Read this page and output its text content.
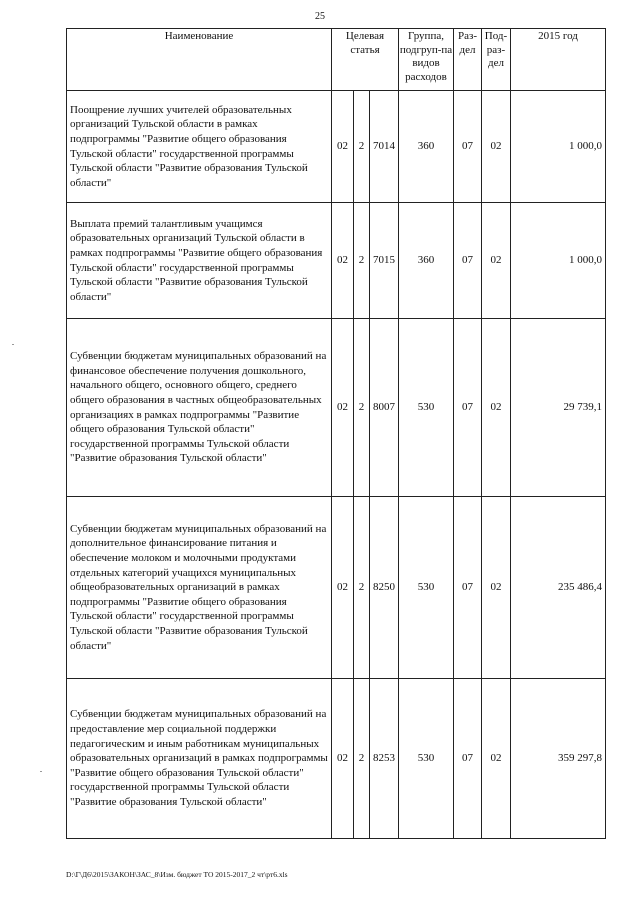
25
Наименование	Целевая статья			Группа, подгруп-па видов расходов	Раз-дел	Под-раз-дел	2015 год
Поощрение лучших учителей образовательных организаций Тульской области в рамках подпрограммы "Развитие общего образования Тульской области" государственной программы Тульской области "Развитие образования Тульской области"	02	2	7014	360	07	02	1 000,0
Выплата премий талантливым учащимся образовательных организаций Тульской области в рамках подпрограммы "Развитие общего образования Тульской области" государственной программы Тульской области "Развитие образования Тульской области"	02	2	7015	360	07	02	1 000,0
Субвенции бюджетам муниципальных образований на финансовое обеспечение получения дошкольного, начального общего, основного общего, среднего общего образования в частных общеобразовательных организациях в рамках подпрограммы "Развитие общего образования Тульской области" государственной программы Тульской области "Развитие образования Тульской области"	02	2	8007	530	07	02	29 739,1
Субвенции бюджетам муниципальных образований на дополнительное финансирование питания и обеспечение молоком и молочными продуктами отдельных категорий учащихся муниципальных общеобразовательных организаций в рамках подпрограммы "Развитие общего образования Тульской области" государственной программы Тульской области "Развитие образования Тульской области"	02	2	8250	530	07	02	235 486,4
Субвенции бюджетам муниципальных образований на предоставление мер социальной поддержки педагогическим и иным работникам муниципальных образовательных организаций в рамках подпрограммы "Развитие общего образования Тульской области" государственной программы Тульской области "Развитие образования Тульской области"	02	2	8253	530	07	02	359 297,8
D:\Г\Д6\2015\ЗАКОН\ЗАС_8\Изм. бюджет ТО 2015-2017_2 чт\рт6.xls
